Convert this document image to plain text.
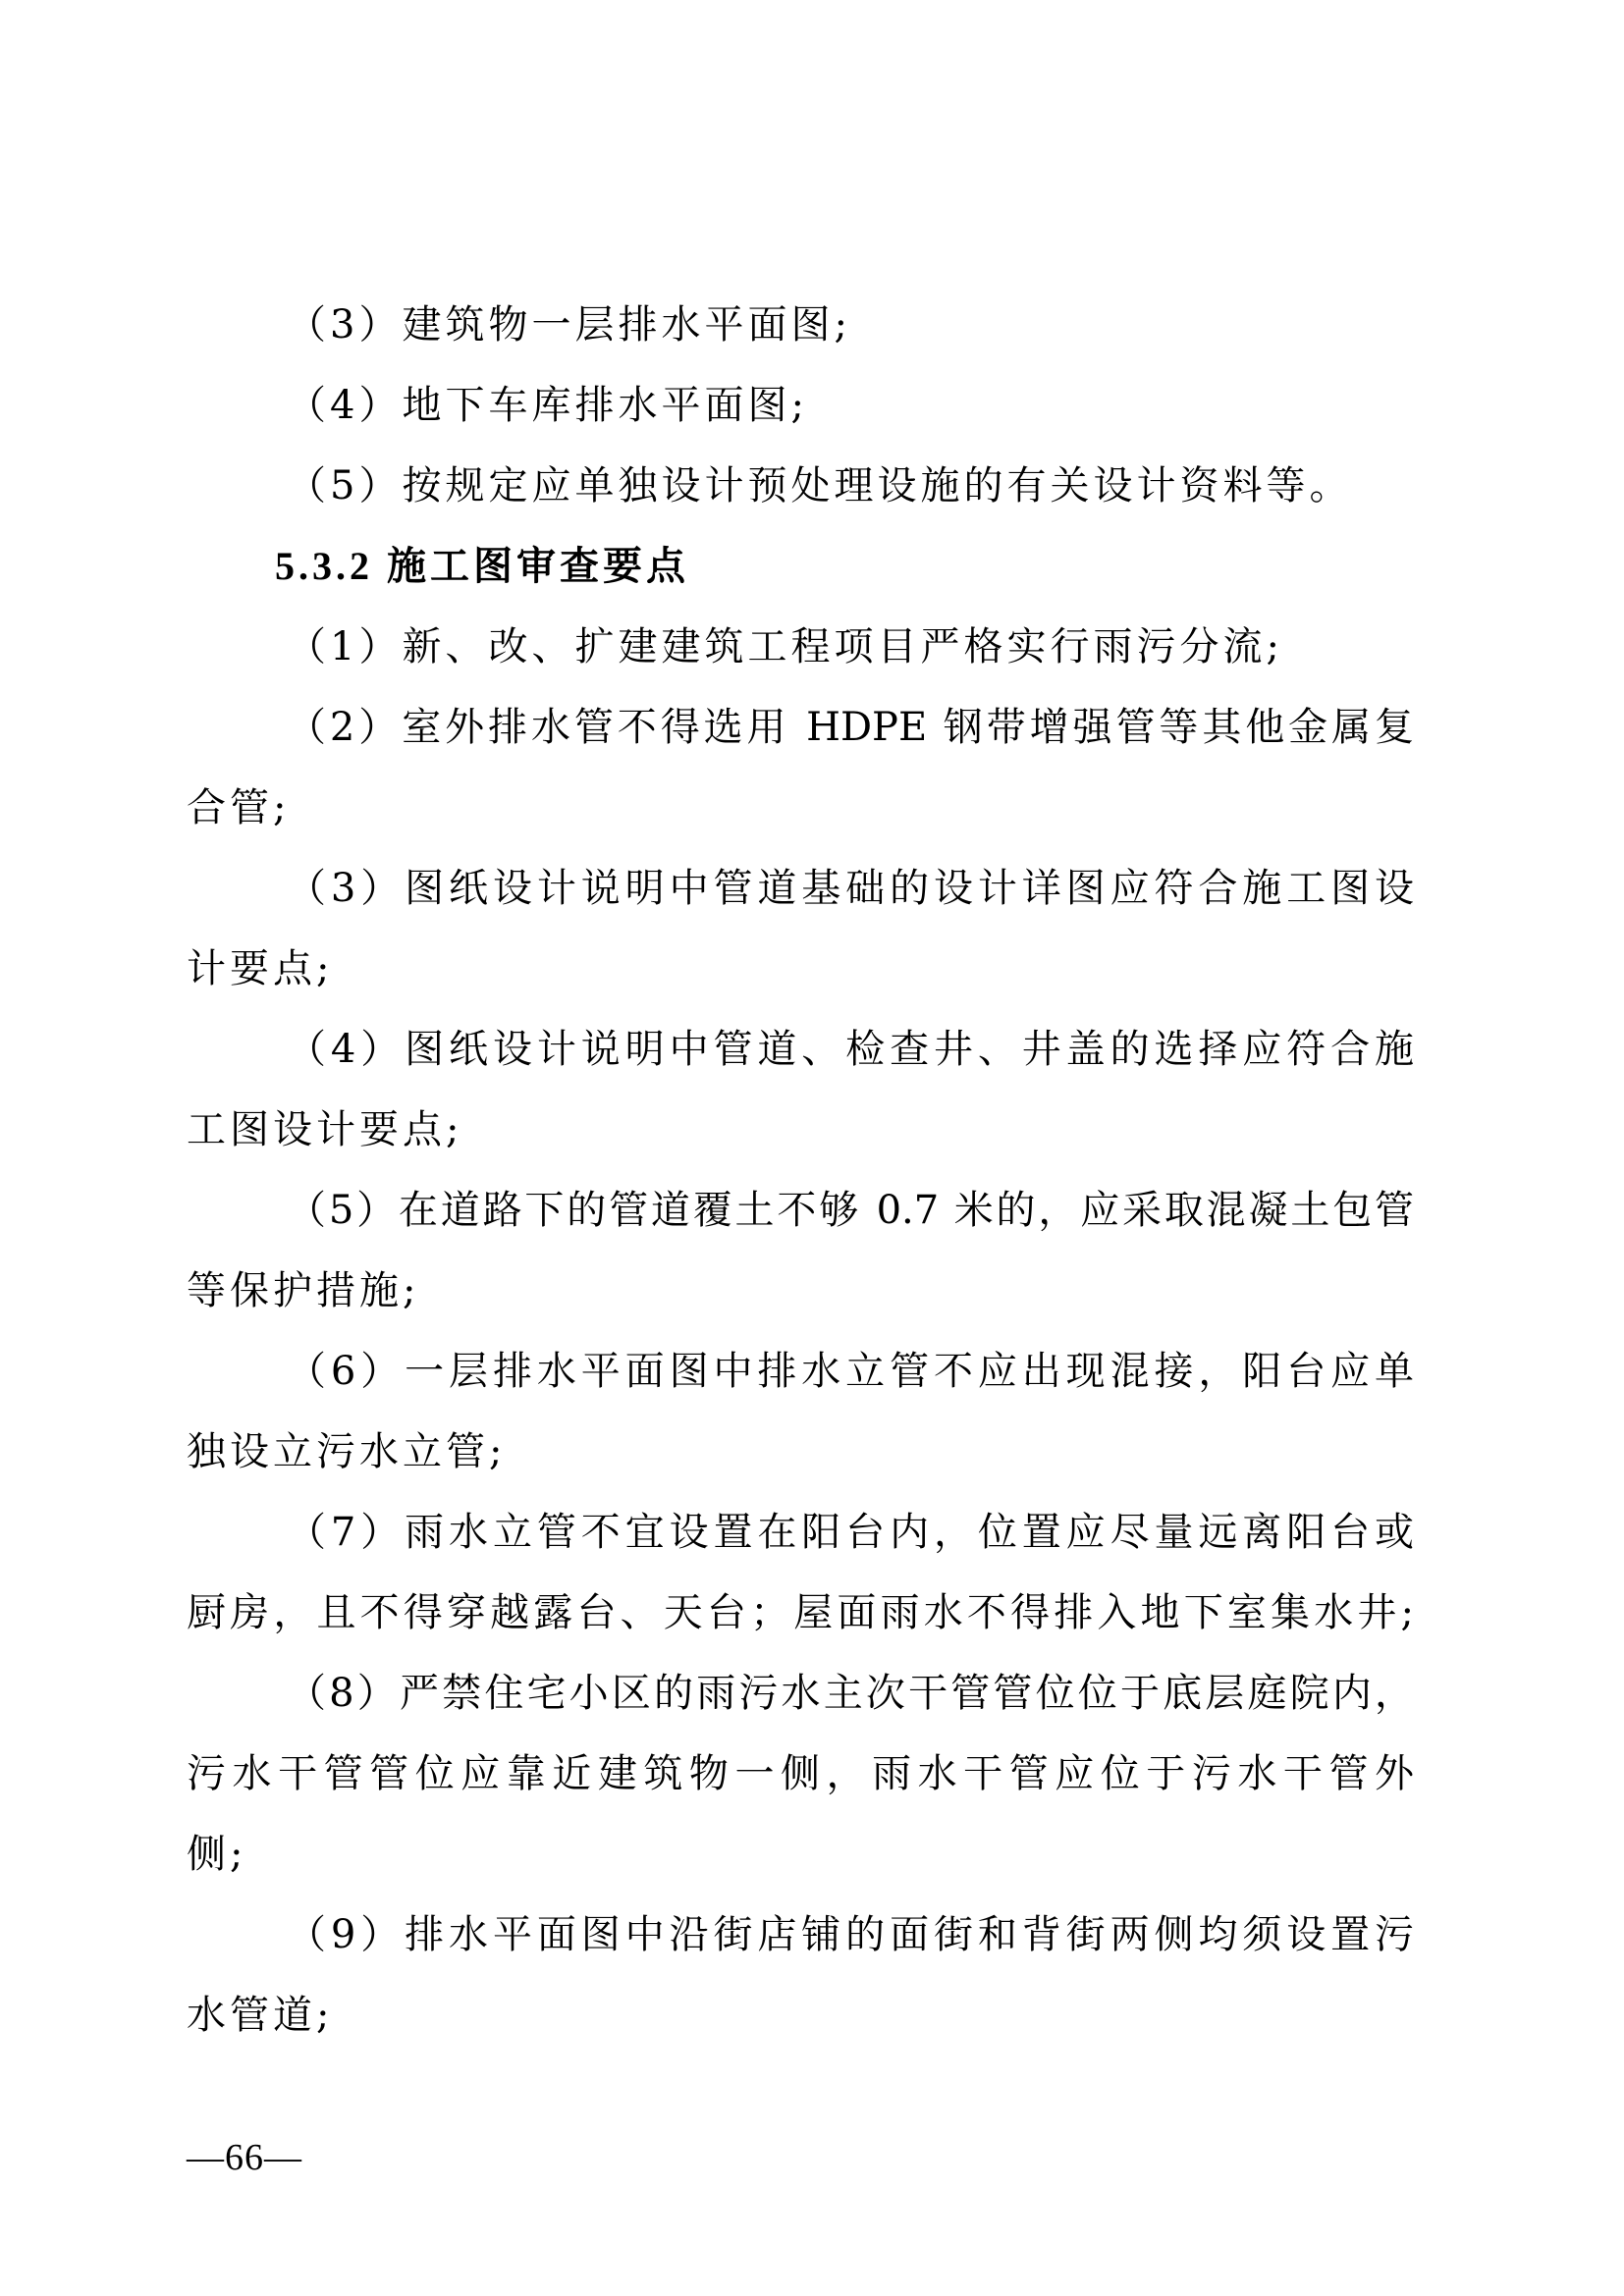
（3）建筑物一层排水平面图;
（4）地下车库排水平面图;
（5）按规定应单独设计预处理设施的有关设计资料等。
5.3.2 施工图审查要点
（1）新、改、扩建建筑工程项目严格实行雨污分流;
（2）室外排水管不得选用 HDPE 钢带增强管等其他金属复
合管;
（3）图纸设计说明中管道基础的设计详图应符合施工图设
计要点;
（4）图纸设计说明中管道、检查井、井盖的选择应符合施
工图设计要点;
（5）在道路下的管道覆土不够 0.7 米的，应采取混凝土包管
等保护措施;
（6）一层排水平面图中排水立管不应出现混接，阳台应单
独设立污水立管;
（7）雨水立管不宜设置在阳台内，位置应尽量远离阳台或
厨房，且不得穿越露台、天台；屋面雨水不得排入地下室集水井;
（8）严禁住宅小区的雨污水主次干管管位位于底层庭院内，
污水干管管位应靠近建筑物一侧，雨水干管应位于污水干管外
侧;
（9）排水平面图中沿街店铺的面街和背街两侧均须设置污
水管道;
—66—
